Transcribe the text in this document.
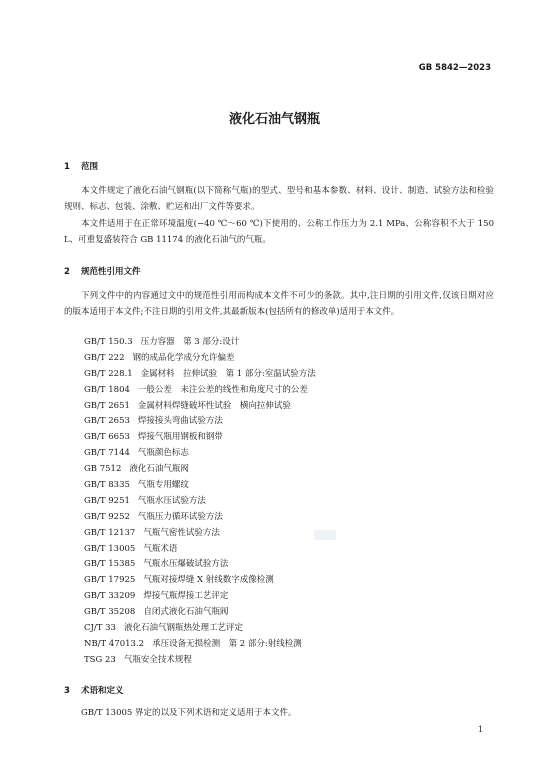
GB 5842—2023
液化石油气钢瓶
1 范围
本文件规定了液化石油气钢瓶(以下简称气瓶)的型式、型号和基本参数、材料、设计、制造、试验方法和检验规则、标志、包装、涂敷、贮运和出厂文件等要求。
本文件适用于在正常环境温度(−40 ℃～60 ℃)下使用的、公称工作压力为 2.1 MPa、公称容积不大于 150 L、可重复盛装符合 GB 11174 的液化石油气的气瓶。
2 规范性引用文件
下列文件中的内容通过文中的规范性引用而构成本文件不可少的条款。其中,注日期的引用文件,仅该日期对应的版本适用于本文件;不注日期的引用文件,其最新版本(包括所有的修改单)适用于本文件。
GB/T 150.3 压力容器　第 3 部分:设计
GB/T 222 钢的成品化学成分允许偏差
GB/T 228.1 金属材料　拉伸试验　第 1 部分:室温试验方法
GB/T 1804 一般公差　未注公差的线性和角度尺寸的公差
GB/T 2651 金属材料焊缝破坏性试验　横向拉伸试验
GB/T 2653 焊接接头弯曲试验方法
GB/T 6653 焊接气瓶用钢板和钢带
GB/T 7144 气瓶颜色标志
GB 7512 液化石油气瓶阀
GB/T 8335 气瓶专用螺纹
GB/T 9251 气瓶水压试验方法
GB/T 9252 气瓶压力循环试验方法
GB/T 12137 气瓶气密性试验方法
GB/T 13005 气瓶术语
GB/T 15385 气瓶水压爆破试验方法
GB/T 17925 气瓶对接焊缝 X 射线数字成像检测
GB/T 33209 焊接气瓶焊接工艺评定
GB/T 35208 自闭式液化石油气瓶阀
CJ/T 33 液化石油气钢瓶热处理工艺评定
NB/T 47013.2 承压设备无损检测　第 2 部分:射线检测
TSG 23 气瓶安全技术规程
3 术语和定义
GB/T 13005 界定的以及下列术语和定义适用于本文件。
1
